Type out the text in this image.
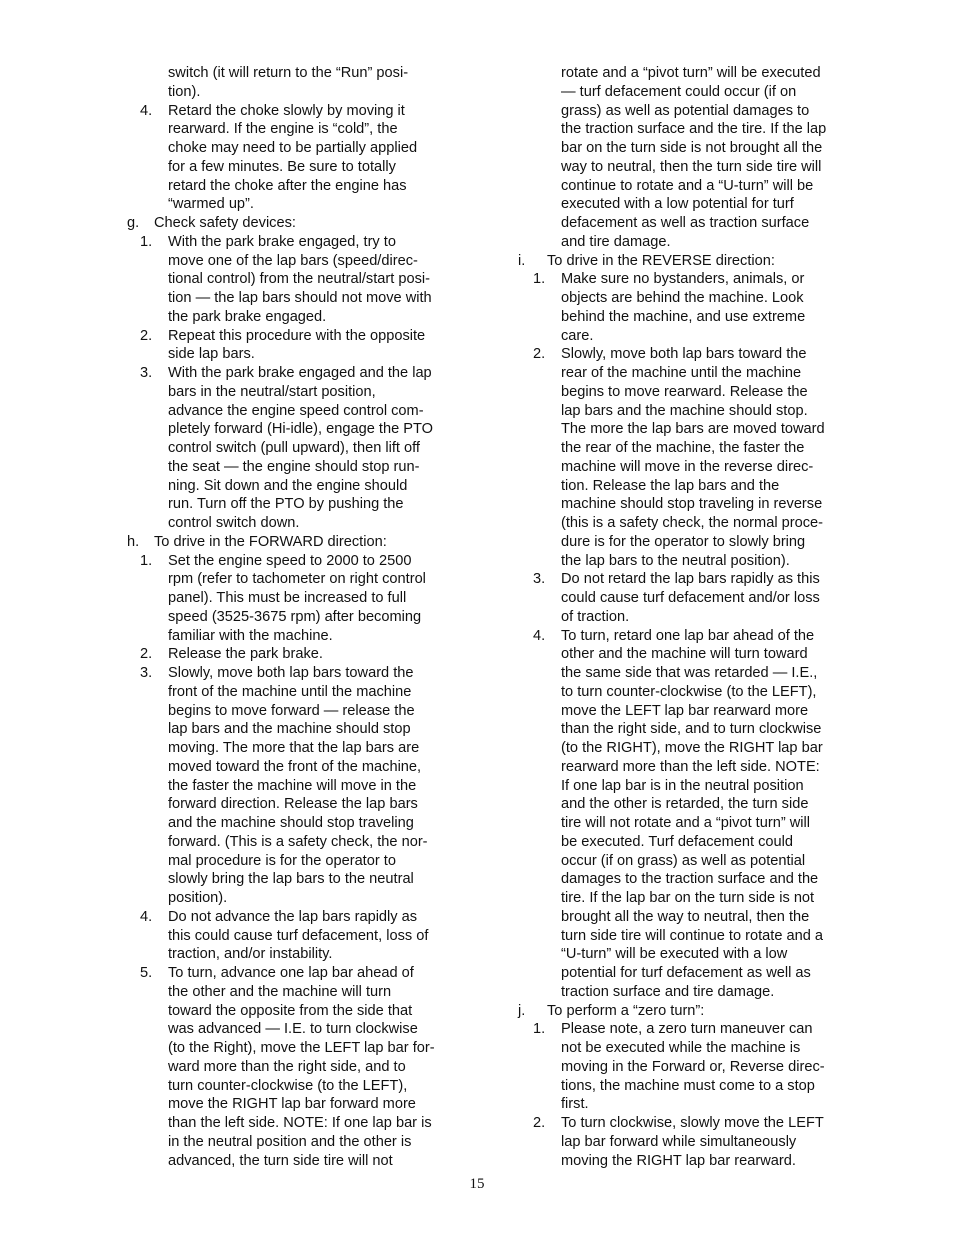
switch (it will return to the “Run” posi-
tion).
4. Retard the choke slowly by moving it
rearward. If the engine is “cold”, the
choke may need to be partially applied
for a few minutes. Be sure to totally
retard the choke after the engine has
“warmed up”.
g. Check safety devices:
1. With the park brake engaged, try to
move one of the lap bars (speed/direc-
tional control) from the neutral/start posi-
tion — the lap bars should not move with
the park brake engaged.
2. Repeat this procedure with the opposite
side lap bars.
3. With the park brake engaged and the lap
bars in the neutral/start position,
advance the engine speed control com-
pletely forward (Hi-idle), engage the PTO
control switch (pull upward), then lift off
the seat — the engine should stop run-
ning. Sit down and the engine should
run. Turn off the PTO by pushing the
control switch down.
h. To drive in the FORWARD direction:
1. Set the engine speed to 2000 to 2500
rpm (refer to tachometer on right control
panel). This must be increased to full
speed (3525-3675 rpm) after becoming
familiar with the machine.
2. Release the park brake.
3. Slowly, move both lap bars toward the
front of the machine until the machine
begins to move forward — release the
lap bars and the machine should stop
moving. The more that the lap bars are
moved toward the front of the machine,
the faster the machine will move in the
forward direction. Release the lap bars
and the machine should stop traveling
forward. (This is a safety check, the nor-
mal procedure is for the operator to
slowly bring the lap bars to the neutral
position).
4. Do not advance the lap bars rapidly as
this could cause turf defacement, loss of
traction, and/or instability.
5. To turn, advance one lap bar ahead of
the other and the machine will turn
toward the opposite from the side that
was advanced — I.E. to turn clockwise
(to the Right), move the LEFT lap bar for-
ward more than the right side, and to
turn counter-clockwise (to the LEFT),
move the RIGHT lap bar forward more
than the left side. NOTE: If one lap bar is
in the neutral position and the other is
advanced, the turn side tire will not
rotate and a “pivot turn” will be executed
— turf defacement could occur (if on
grass) as well as potential damages to
the traction surface and the tire. If the lap
bar on the turn side is not brought all the
way to neutral, then the turn side tire will
continue to rotate and a “U-turn” will be
executed with a low potential for turf
defacement as well as traction surface
and tire damage.
i. To drive in the REVERSE direction:
1. Make sure no bystanders, animals, or
objects are behind the machine. Look
behind the machine, and use extreme
care.
2. Slowly, move both lap bars toward the
rear of the machine until the machine
begins to move rearward. Release the
lap bars and the machine should stop.
The more the lap bars are moved toward
the rear of the machine, the faster the
machine will move in the reverse direc-
tion. Release the lap bars and the
machine should stop traveling in reverse
(this is a safety check, the normal proce-
dure is for the operator to slowly bring
the lap bars to the neutral position).
3. Do not retard the lap bars rapidly as this
could cause turf defacement and/or loss
of traction.
4. To turn, retard one lap bar ahead of the
other and the machine will turn toward
the same side that was retarded — I.E.,
to turn counter-clockwise (to the LEFT),
move the LEFT lap bar rearward more
than the right side, and to turn clockwise
(to the RIGHT), move the RIGHT lap bar
rearward more than the left side. NOTE:
If one lap bar is in the neutral position
and the other is retarded, the turn side
tire will not rotate and a “pivot turn” will
be executed. Turf defacement could
occur (if on grass) as well as potential
damages to the traction surface and the
tire. If the lap bar on the turn side is not
brought all the way to neutral, then the
turn side tire will continue to rotate and a
“U-turn” will be executed with a low
potential for turf defacement as well as
traction surface and tire damage.
j. To perform a “zero turn”:
1. Please note, a zero turn maneuver can
not be executed while the machine is
moving in the Forward or, Reverse direc-
tions, the machine must come to a stop
first.
2. To turn clockwise, slowly move the LEFT
lap bar forward while simultaneously
moving the RIGHT lap bar rearward.
15
